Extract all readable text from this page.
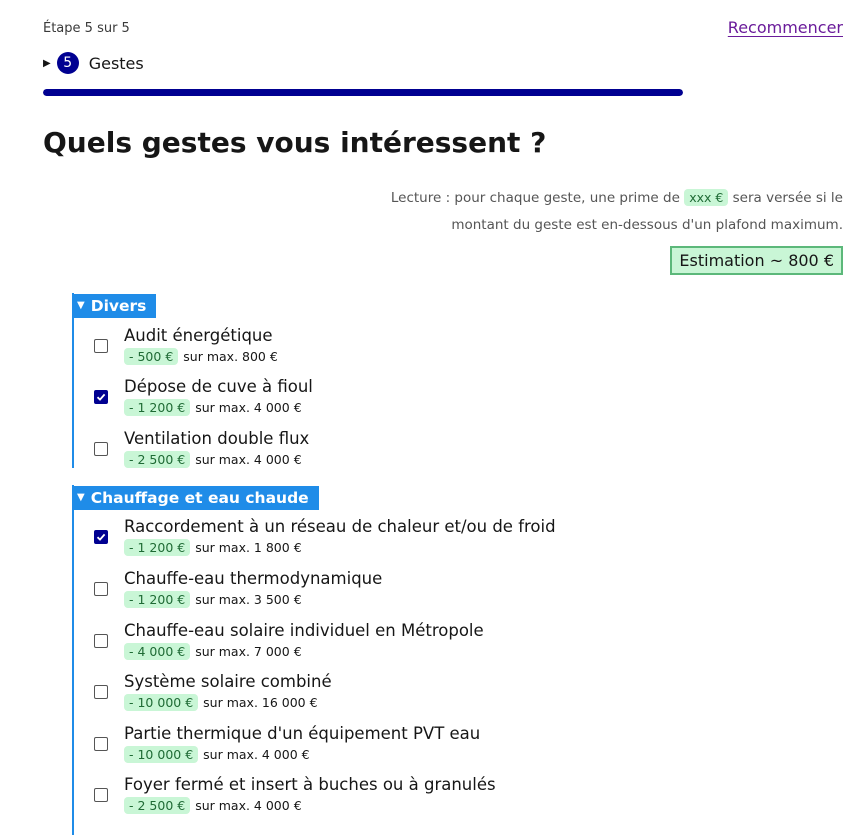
Étape 5 sur 5	Recommencer
▶ 5	Gestes
Quels gestes vous intéressent ?
Lecture : pour chaque geste, une prime de xxx € sera versée si le montant du geste est en-dessous d'un plafond maximum.
Estimation ~ 800 €
▼ Divers
Audit énergétique
- 500 € sur max. 800 €
Dépose de cuve à fioul
- 1 200 € sur max. 4 000 €
Ventilation double flux
- 2 500 € sur max. 4 000 €
▼ Chauffage et eau chaude
Raccordement à un réseau de chaleur et/ou de froid
- 1 200 € sur max. 1 800 €
Chauffe-eau thermodynamique
- 1 200 € sur max. 3 500 €
Chauffe-eau solaire individuel en Métropole
- 4 000 € sur max. 7 000 €
Système solaire combiné
- 10 000 € sur max. 16 000 €
Partie thermique d'un équipement PVT eau
- 10 000 € sur max. 4 000 €
Foyer fermé et insert à buches ou à granulés
- 2 500 € sur max. 4 000 €
